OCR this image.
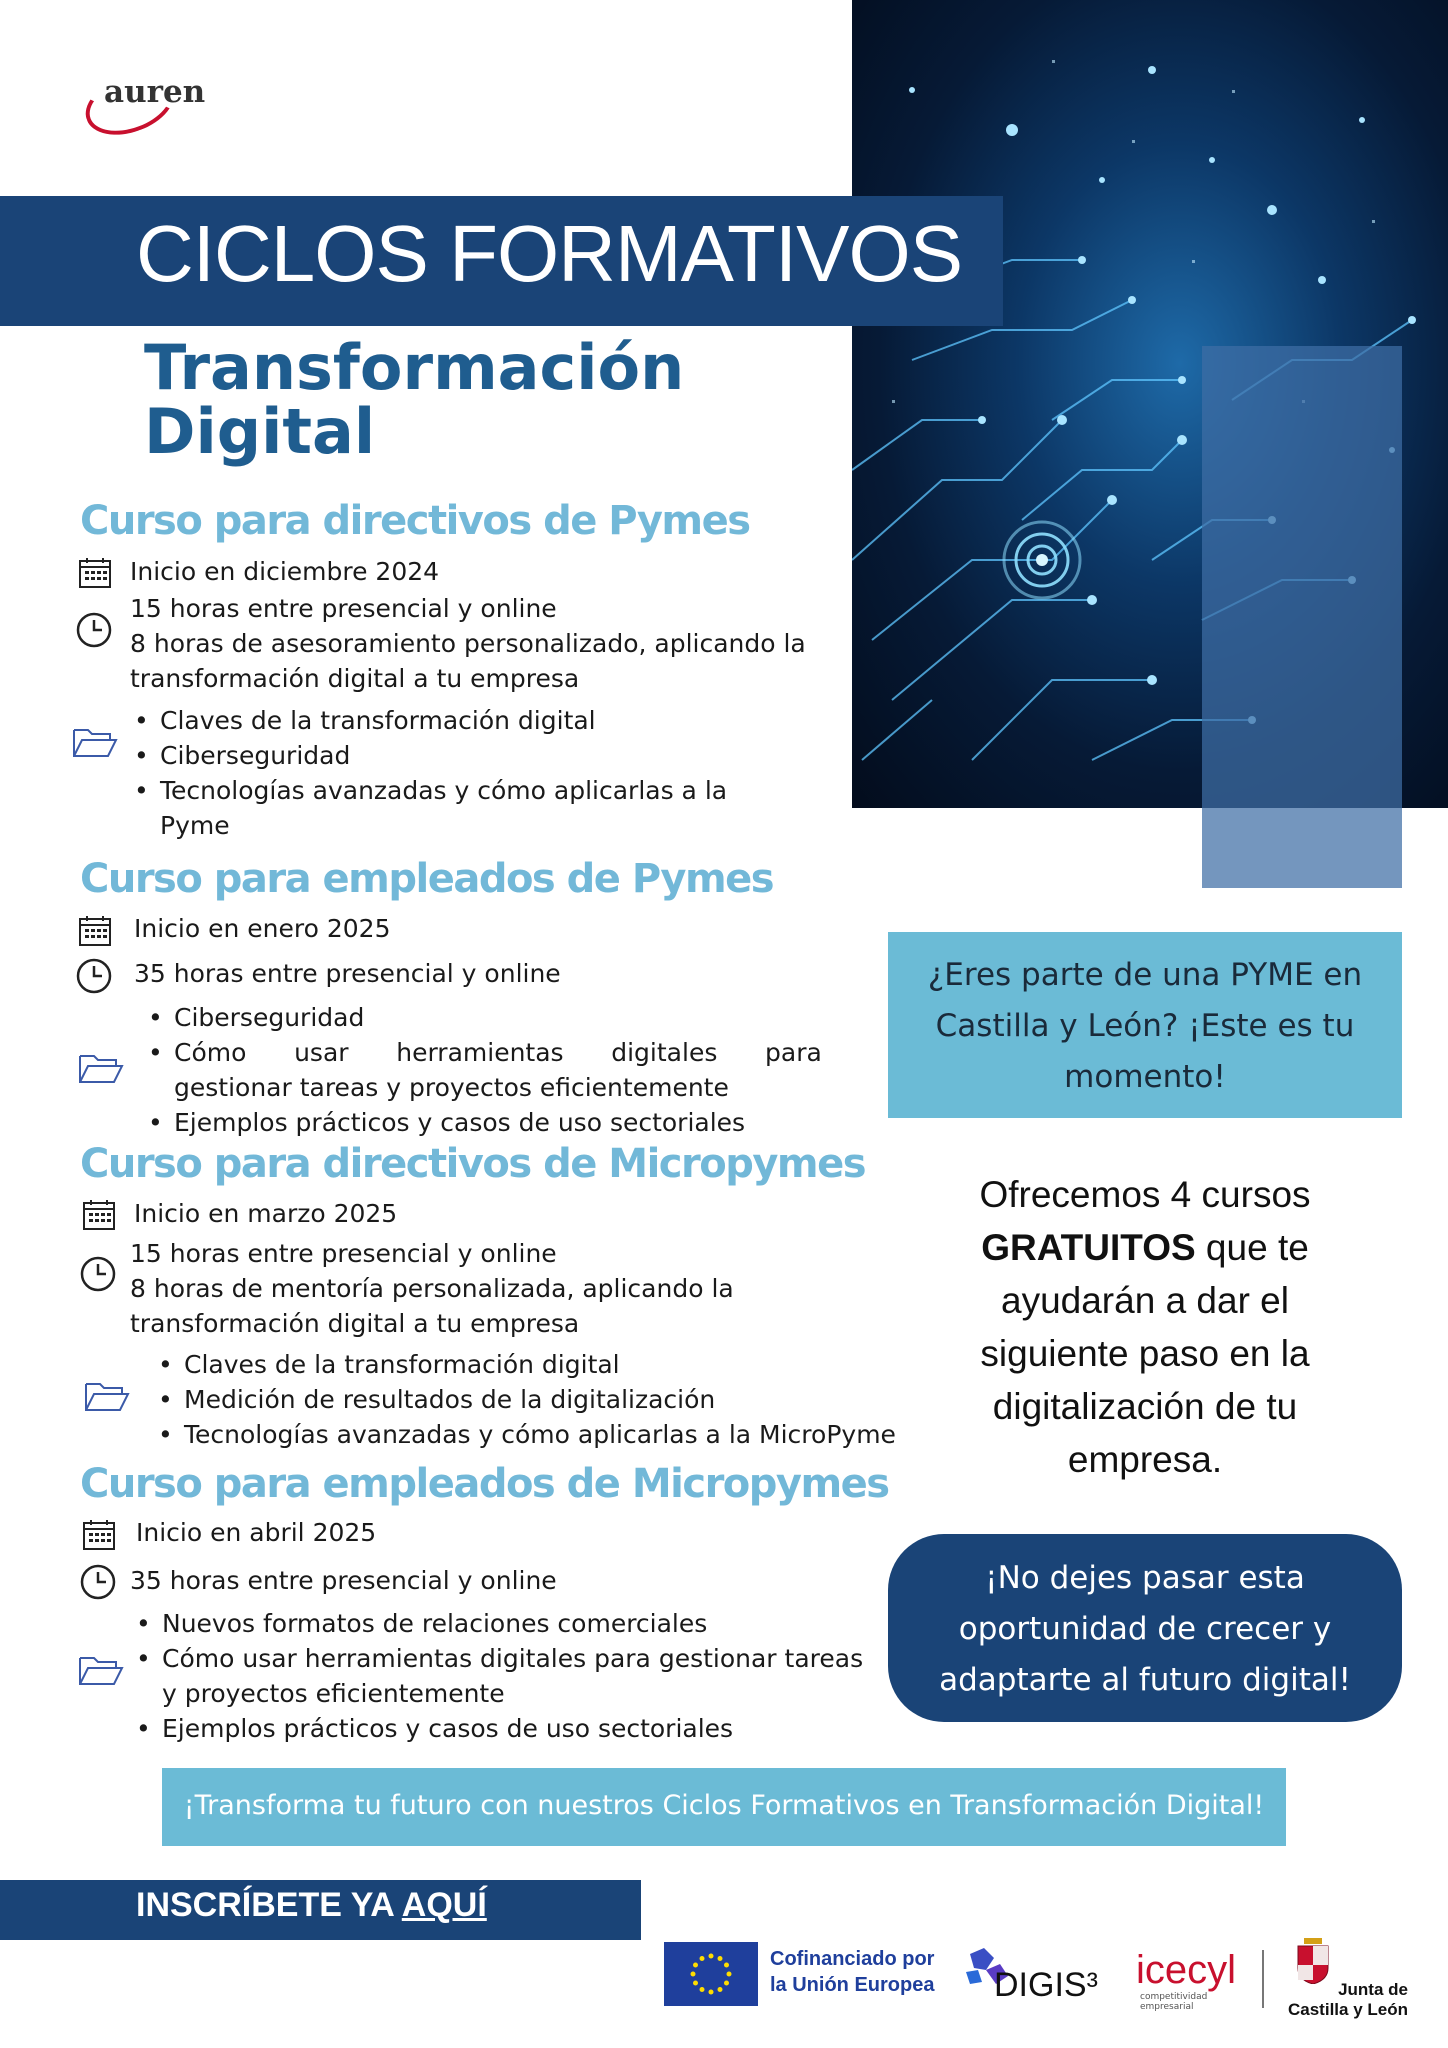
auren
CICLOS FORMATIVOS
Transformación
Digital
Curso para directivos de Pymes
Inicio en diciembre 2024
15 horas entre presencial y online
8 horas de asesoramiento personalizado, aplicando la
transformación digital a tu empresa
• Claves de la transformación digital
• Ciberseguridad
• Tecnologías avanzadas y cómo aplicarlas a la
Pyme
Curso para empleados de Pymes
Inicio en enero 2025
35 horas entre presencial y online
• Ciberseguridad
• Cómo      usar      herramientas      digitales      para
gestionar tareas y proyectos eficientemente
• Ejemplos prácticos y casos de uso sectoriales
Curso para directivos de Micropymes
Inicio en marzo 2025
15 horas entre presencial y online
8 horas de mentoría personalizada, aplicando la
transformación digital a tu empresa
• Claves de la transformación digital
• Medición de resultados de la digitalización
• Tecnologías avanzadas y cómo aplicarlas a la MicroPyme
Curso para empleados de Micropymes
Inicio en abril 2025
35 horas entre presencial y online
• Nuevos formatos de relaciones comerciales
• Cómo usar herramientas digitales para gestionar tareas
y proyectos eficientemente
• Ejemplos prácticos y casos de uso sectoriales
¿Eres parte de una PYME en
Castilla y León? ¡Este es tu
momento!
Ofrecemos 4 cursos
GRATUITOS que te
ayudarán a dar el
siguiente paso en la
digitalización de tu
empresa.
¡No dejes pasar esta
oportunidad de crecer y
adaptarte al futuro digital!
¡Transforma tu futuro con nuestros Ciclos Formativos en Transformación Digital!
INSCRÍBETE YA AQUÍ
Cofinanciado por
la Unión Europea DIGIS³ icecyl
competitividad
empresarial
Junta de
Castilla y León
